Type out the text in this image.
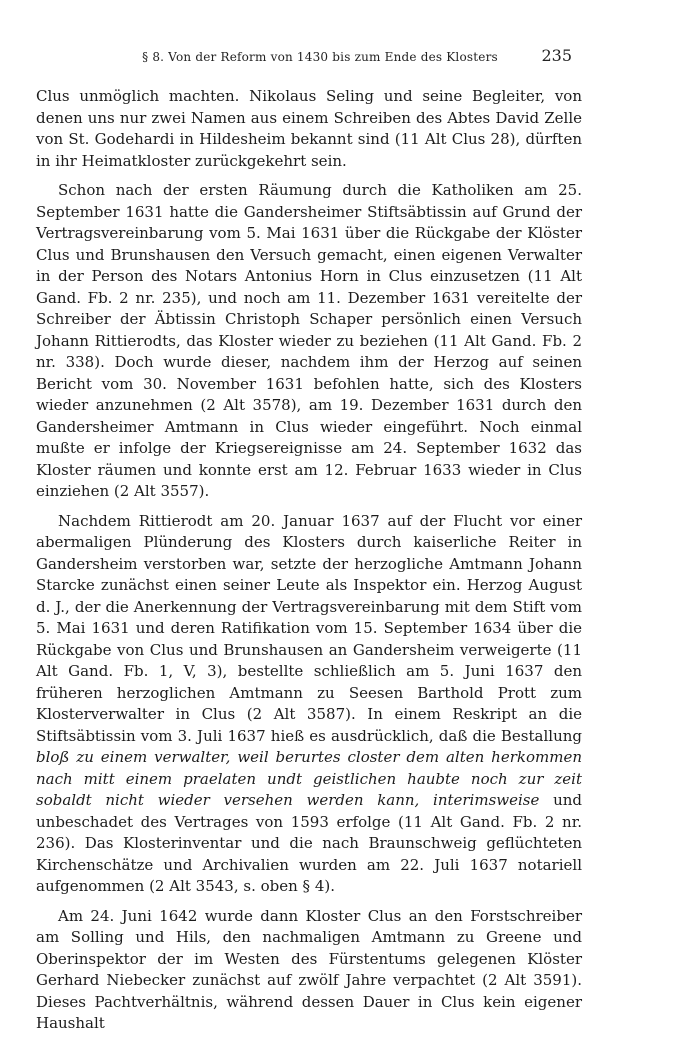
§ 8. Von der Reform von 1430 bis zum Ende des Klosters	235

Clus unmöglich machten. Nikolaus Seling und seine Begleiter, von denen uns nur zwei Namen aus einem Schreiben des Abtes David Zelle von St. Godehardi in Hildesheim bekannt sind (11 Alt Clus 28), dürften in ihr Heimatkloster zurückgekehrt sein.

Schon nach der ersten Räumung durch die Katholiken am 25. September 1631 hatte die Gandersheimer Stiftsäbtissin auf Grund der Vertragsvereinbarung vom 5. Mai 1631 über die Rückgabe der Klöster Clus und Brunshausen den Versuch gemacht, einen eigenen Verwalter in der Person des Notars Antonius Horn in Clus einzusetzen (11 Alt Gand. Fb. 2 nr. 235), und noch am 11. Dezember 1631 vereitelte der Schreiber der Äbtissin Christoph Schaper persönlich einen Versuch Johann Rittierodts, das Kloster wieder zu beziehen (11 Alt Gand. Fb. 2 nr. 338). Doch wurde dieser, nachdem ihm der Herzog auf seinen Bericht vom 30. November 1631 befohlen hatte, sich des Klosters wieder anzunehmen (2 Alt 3578), am 19. Dezember 1631 durch den Gandersheimer Amtmann in Clus wieder eingeführt. Noch einmal mußte er infolge der Kriegsereignisse am 24. September 1632 das Kloster räumen und konnte erst am 12. Februar 1633 wieder in Clus einziehen (2 Alt 3557).

Nachdem Rittierodt am 20. Januar 1637 auf der Flucht vor einer abermaligen Plünderung des Klosters durch kaiserliche Reiter in Gandersheim verstorben war, setzte der herzogliche Amtmann Johann Starcke zunächst einen seiner Leute als Inspektor ein. Herzog August d. J., der die Anerkennung der Vertragsvereinbarung mit dem Stift vom 5. Mai 1631 und deren Ratifikation vom 15. September 1634 über die Rückgabe von Clus und Brunshausen an Gandersheim verweigerte (11 Alt Gand. Fb. 1, V, 3), bestellte schließlich am 5. Juni 1637 den früheren herzoglichen Amtmann zu Seesen Barthold Prott zum Klosterverwalter in Clus (2 Alt 3587). In einem Reskript an die Stiftsäbtissin vom 3. Juli 1637 hieß es ausdrücklich, daß die Bestallung bloß zu einem verwalter, weil berurtes closter dem alten herkommen nach mitt einem praelaten undt geistlichen haubte noch zur zeit sobaldt nicht wieder versehen werden kann, interimsweise und unbeschadet des Vertrages von 1593 erfolge (11 Alt Gand. Fb. 2 nr. 236). Das Klosterinventar und die nach Braunschweig geflüchteten Kirchenschätze und Archivalien wurden am 22. Juli 1637 notariell aufgenommen (2 Alt 3543, s. oben § 4).

Am 24. Juni 1642 wurde dann Kloster Clus an den Forstschreiber am Solling und Hils, den nachmaligen Amtmann zu Greene und Oberinspektor der im Westen des Fürstentums gelegenen Klöster Gerhard Niebecker zunächst auf zwölf Jahre verpachtet (2 Alt 3591). Dieses Pachtverhältnis, während dessen Dauer in Clus kein eigener Haushalt
